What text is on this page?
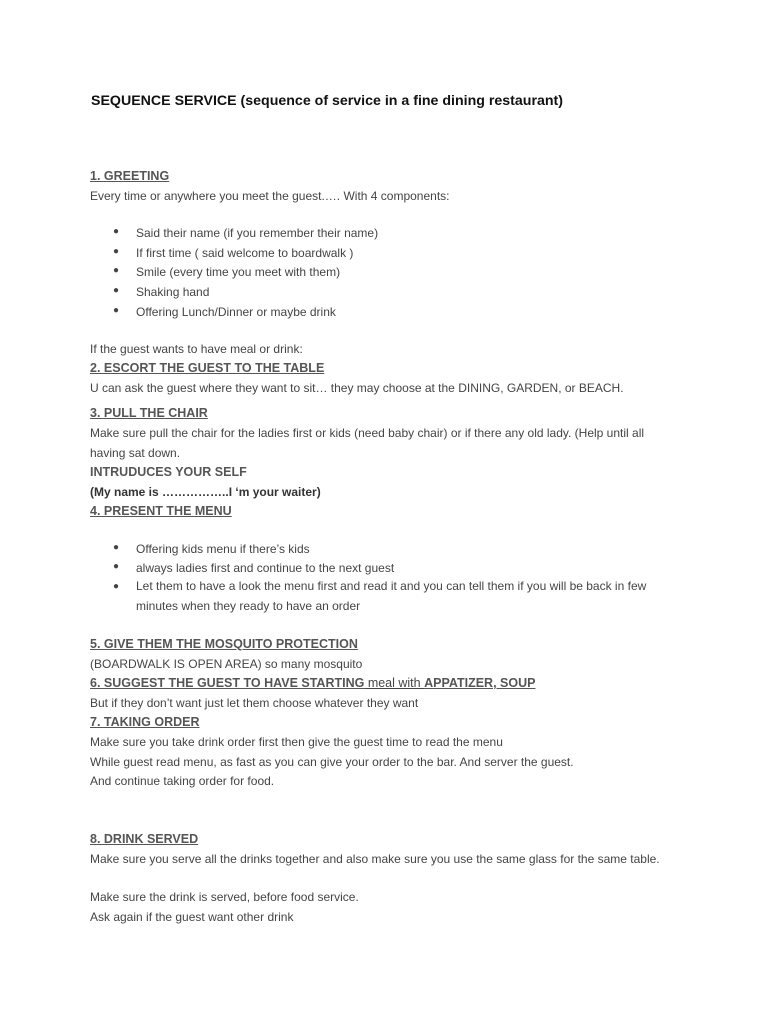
SEQUENCE SERVICE (sequence of service in a fine dining restaurant)
1. GREETING
Every time or anywhere you meet the guest.…. With 4 components:
● Said their name (if you remember their name)
● If first time ( said welcome to boardwalk )
● Smile (every time you meet with them)
● Shaking hand
● Offering Lunch/Dinner or maybe drink
If the guest wants to have meal or drink:
2. ESCORT THE GUEST TO THE TABLE
U can ask the guest where they want to sit… they may choose at the DINING, GARDEN, or BEACH.
3. PULL THE CHAIR
Make sure pull the chair for the ladies first or kids (need baby chair) or if there any old lady. (Help until all having sat down.
INTRUDUCES YOUR SELF
(My name is ……………..I ‘m your waiter)
4. PRESENT THE MENU
● Offering kids menu if there’s kids
● always ladies first and continue to the next guest
● Let them to have a look the menu first and read it and you can tell them if you will be back in few minutes when they ready to have an order
5. GIVE THEM THE MOSQUITO PROTECTION
(BOARDWALK IS OPEN AREA) so many mosquito
6. SUGGEST THE GUEST TO HAVE STARTING meal with APPATIZER, SOUP
But if they don’t want just let them choose whatever they want
7. TAKING ORDER
Make sure you take drink order first then give the guest time to read the menu
While guest read menu, as fast as you can give your order to the bar. And server the guest.
And continue taking order for food.
8. DRINK SERVED
Make sure you serve all the drinks together and also make sure you use the same glass for the same table.
Make sure the drink is served, before food service.
Ask again if the guest want other drink
